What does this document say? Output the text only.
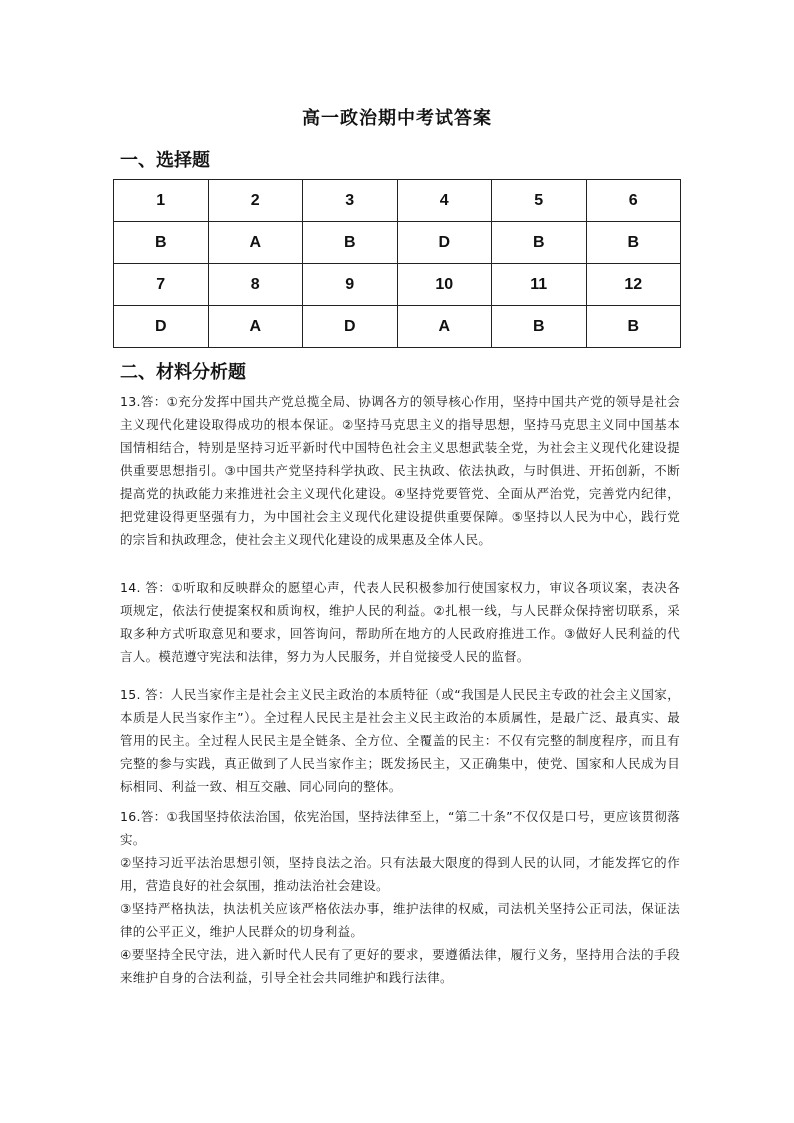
高一政治期中考试答案
一、选择题
1	2	3	4	5	6
B	A	B	D	B	B
7	8	9	10	11	12
D	A	D	A	B	B
二、材料分析题

13.答：①充分发挥中国共产党总揽全局、协调各方的领导核心作用，坚持中国共产党的领导是社会主义现代化建设取得成功的根本保证。②坚持马克思主义的指导思想，坚持马克思主义同中国基本国情相结合，特别是坚持习近平新时代中国特色社会主义思想武装全党，为社会主义现代化建设提供重要思想指引。③中国共产党坚持科学执政、民主执政、依法执政，与时俱进、开拓创新，不断提高党的执政能力来推进社会主义现代化建设。④坚持党要管党、全面从严治党，完善党内纪律，把党建设得更坚强有力，为中国社会主义现代化建设提供重要保障。⑤坚持以人民为中心，践行党的宗旨和执政理念，使社会主义现代化建设的成果惠及全体人民。

14. 答：①听取和反映群众的愿望心声，代表人民积极参加行使国家权力，审议各项议案，表决各项规定，依法行使提案权和质询权，维护人民的利益。②扎根一线，与人民群众保持密切联系，采取多种方式听取意见和要求，回答询问，帮助所在地方的人民政府推进工作。③做好人民利益的代言人。模范遵守宪法和法律，努力为人民服务，并自觉接受人民的监督。

15. 答：人民当家作主是社会主义民主政治的本质特征（或“我国是人民民主专政的社会主义国家，本质是人民当家作主”）。全过程人民民主是社会主义民主政治的本质属性，是最广泛、最真实、最管用的民主。全过程人民民主是全链条、全方位、全覆盖的民主：不仅有完整的制度程序，而且有完整的参与实践，真正做到了人民当家作主；既发扬民主，又正确集中，使党、国家和人民成为目标相同、利益一致、相互交融、同心同向的整体。

16.答：①我国坚持依法治国，依宪治国，坚持法律至上，“第二十条”不仅仅是口号，更应该贯彻落实。

②坚持习近平法治思想引领，坚持良法之治。只有法最大限度的得到人民的认同，才能发挥它的作用，营造良好的社会氛围，推动法治社会建设。

③坚持严格执法，执法机关应该严格依法办事，维护法律的权威，司法机关坚持公正司法，保证法律的公平正义，维护人民群众的切身利益。

④要坚持全民守法，进入新时代人民有了更好的要求，要遵循法律，履行义务，坚持用合法的手段来维护自身的合法利益，引导全社会共同维护和践行法律。
